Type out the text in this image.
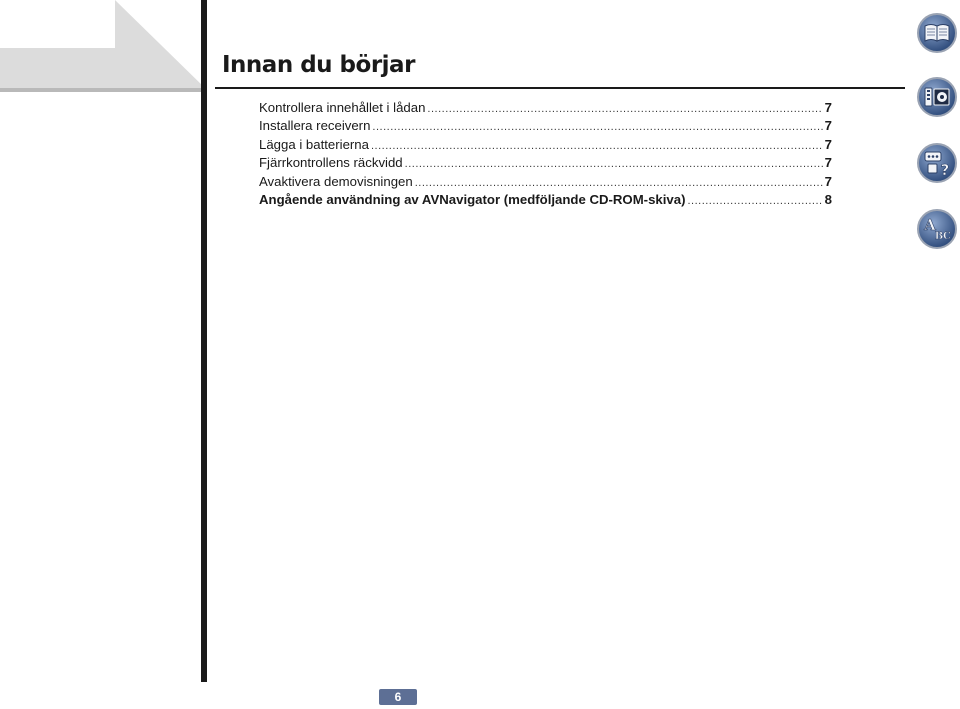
Innan du börjar
Kontrollera innehållet i lådan .....	7
Installera receivern .....	7
Lägga i batterierna .....	7
Fjärrkontrollens räckvidd .....	7
Avaktivera demovisningen .....	7
Angående användning av AVNavigator (medföljande CD-ROM-skiva) .....	8
?
A
B C
6
